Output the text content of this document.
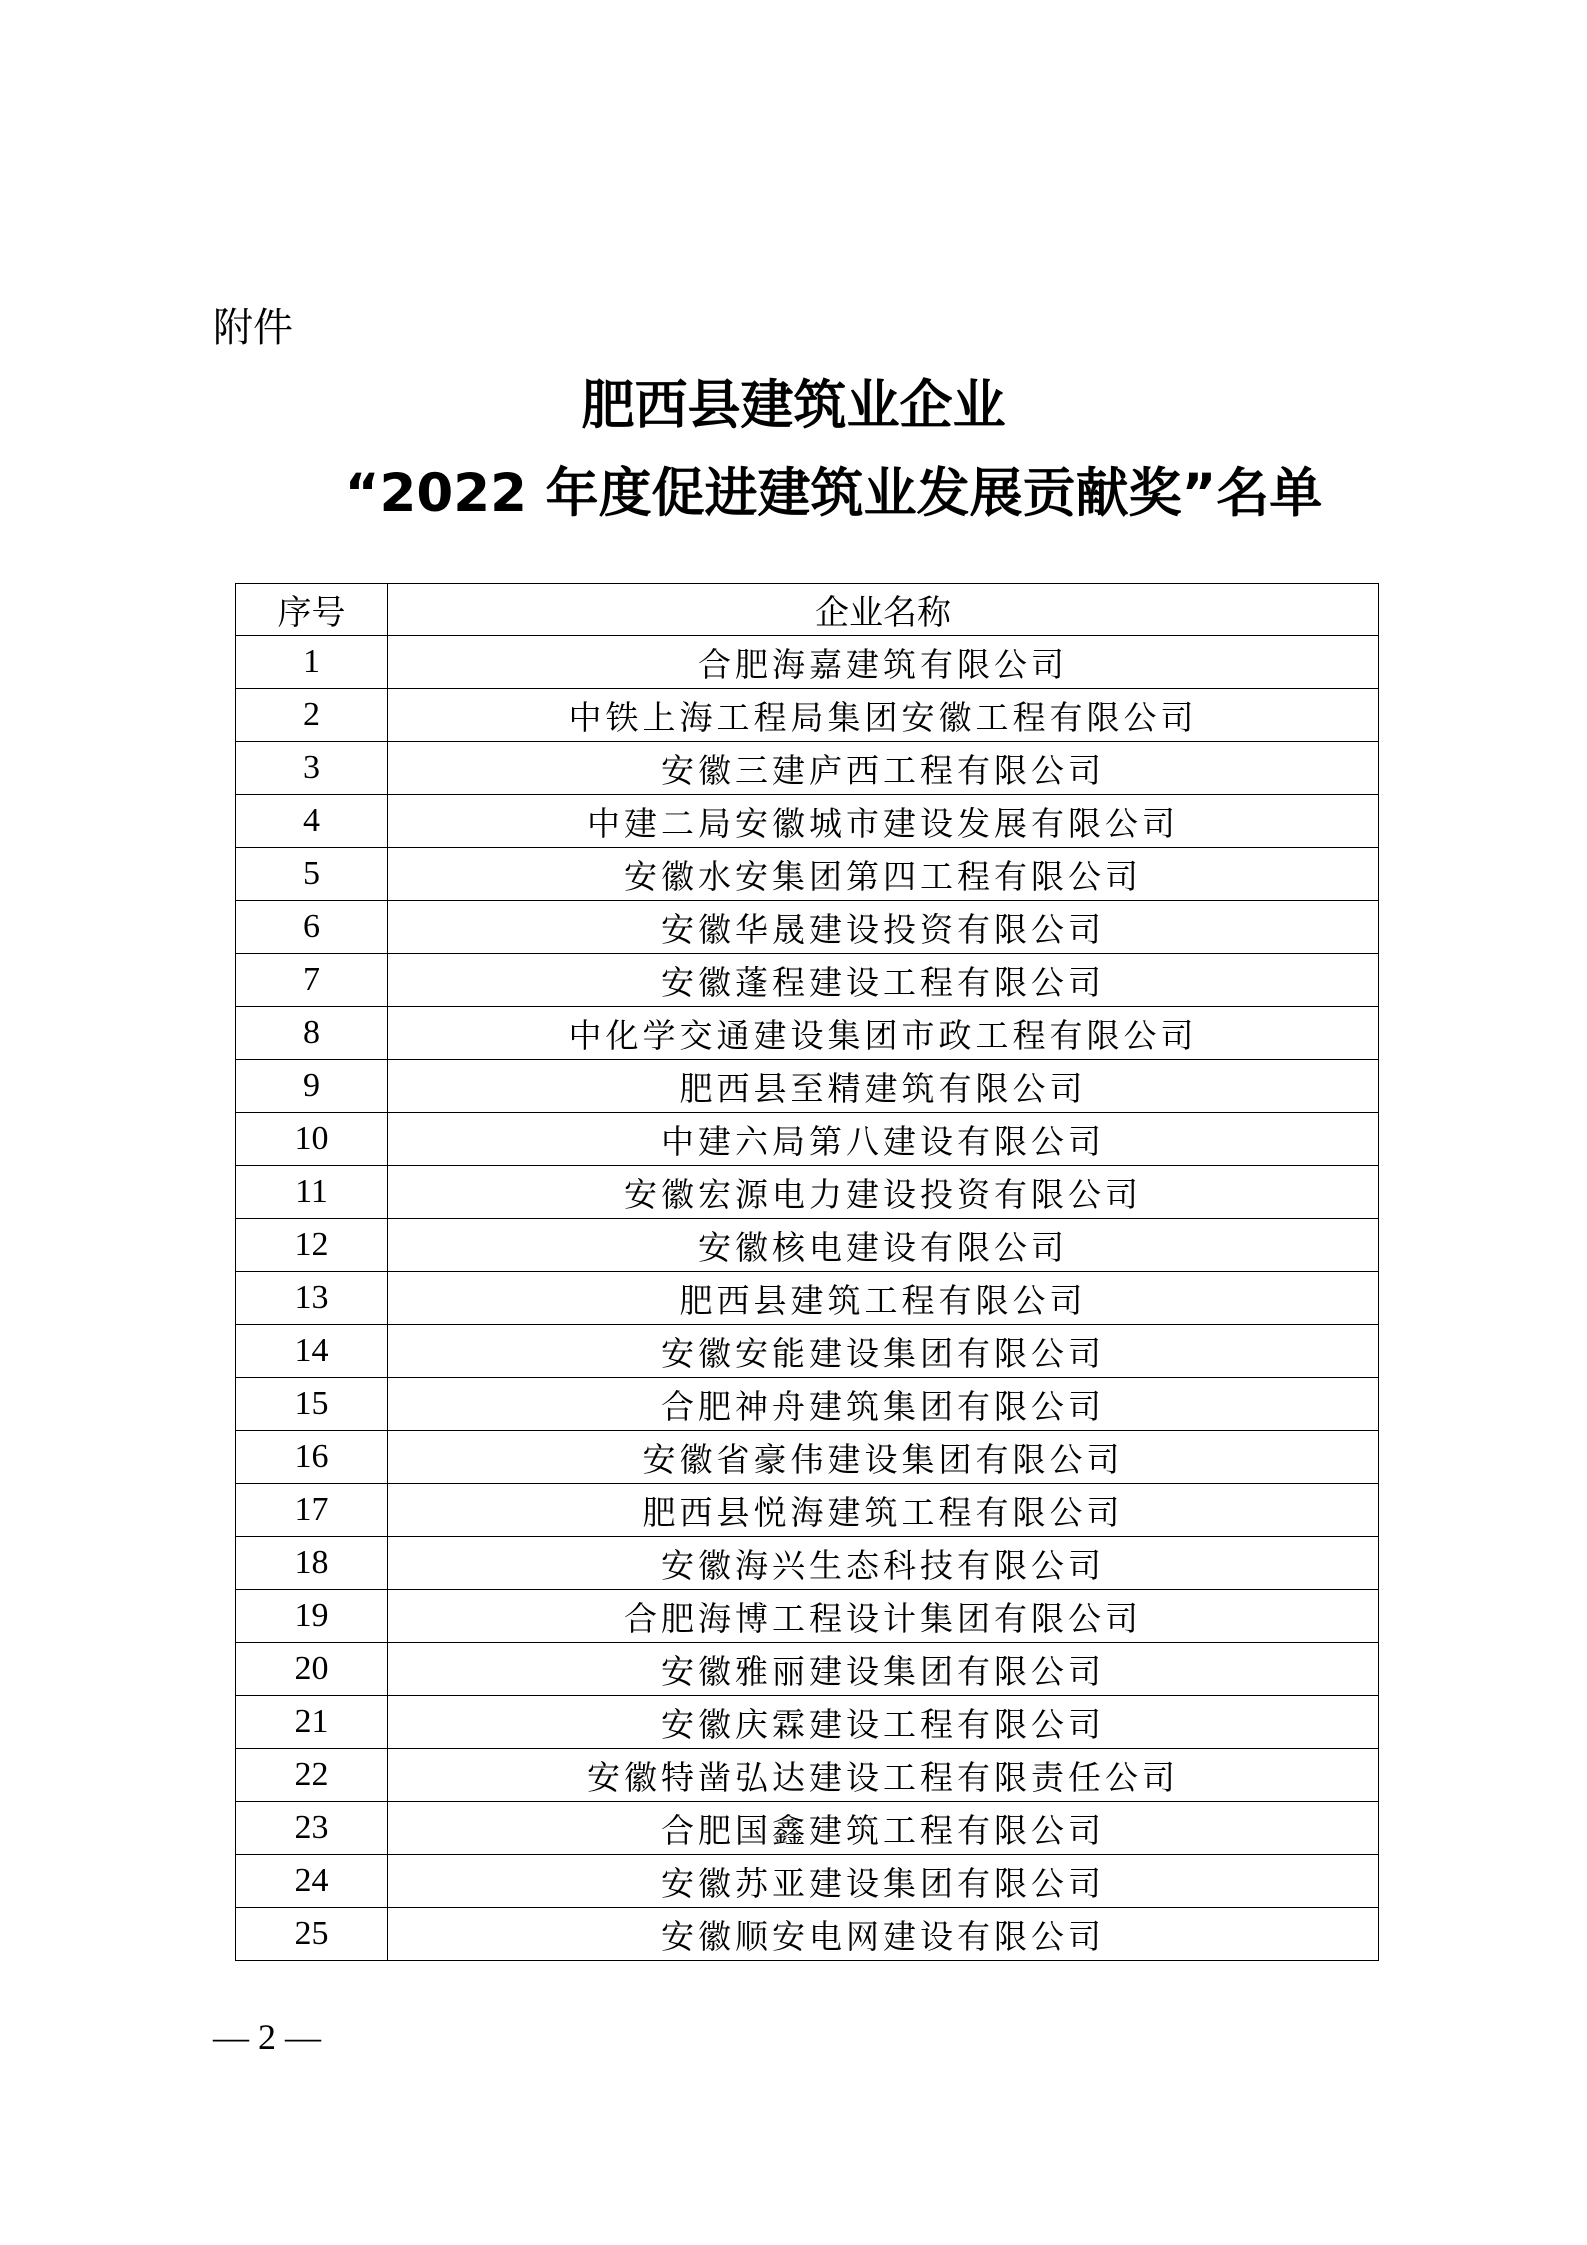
附件
肥西县建筑业企业
“2022 年度促进建筑业发展贡献奖”名单
序号	企业名称
1	合肥海嘉建筑有限公司
2	中铁上海工程局集团安徽工程有限公司
3	安徽三建庐西工程有限公司
4	中建二局安徽城市建设发展有限公司
5	安徽水安集团第四工程有限公司
6	安徽华晟建设投资有限公司
7	安徽蓬程建设工程有限公司
8	中化学交通建设集团市政工程有限公司
9	肥西县至精建筑有限公司
10	中建六局第八建设有限公司
11	安徽宏源电力建设投资有限公司
12	安徽核电建设有限公司
13	肥西县建筑工程有限公司
14	安徽安能建设集团有限公司
15	合肥神舟建筑集团有限公司
16	安徽省豪伟建设集团有限公司
17	肥西县悦海建筑工程有限公司
18	安徽海兴生态科技有限公司
19	合肥海博工程设计集团有限公司
20	安徽雅丽建设集团有限公司
21	安徽庆霖建设工程有限公司
22	安徽特凿弘达建设工程有限责任公司
23	合肥国鑫建筑工程有限公司
24	安徽苏亚建设集团有限公司
25	安徽顺安电网建设有限公司
— 2 —
